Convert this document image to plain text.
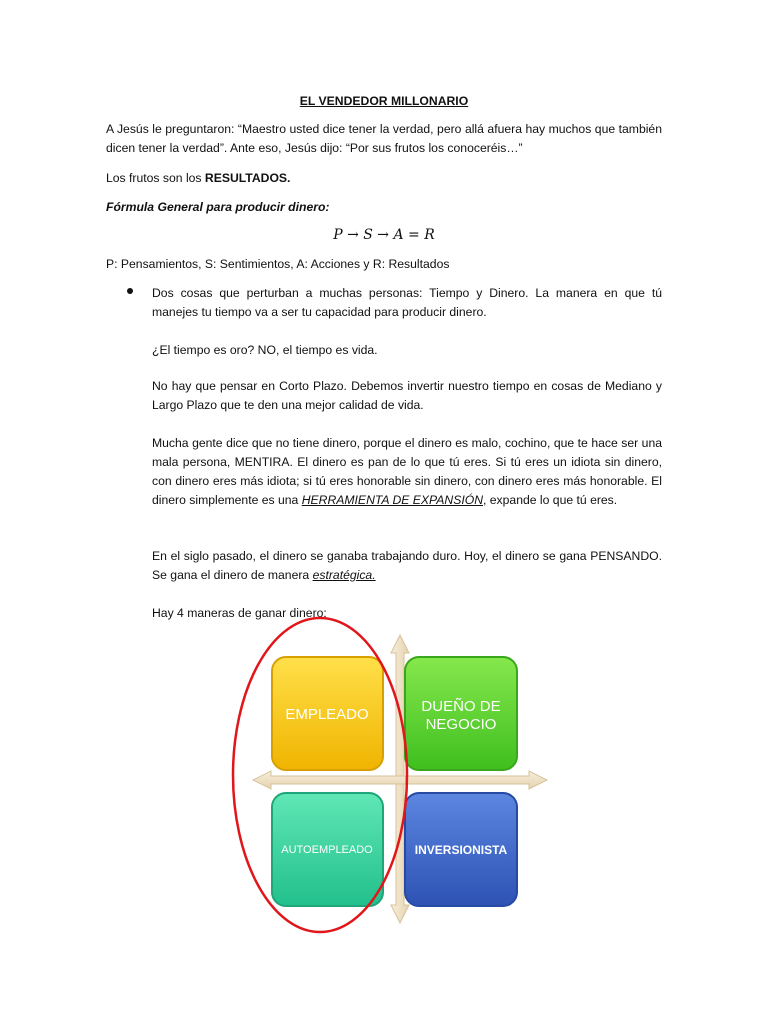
EL VENDEDOR MILLONARIO

A Jesús le preguntaron: “Maestro usted dice tener la verdad, pero allá afuera hay muchos que también dicen tener la verdad”. Ante eso, Jesús dijo: “Por sus frutos los conoceréis…”

Los frutos son los RESULTADOS.

Fórmula General para producir dinero:

P → S → A = R

P: Pensamientos, S: Sentimientos, A: Acciones y R: Resultados

Dos cosas que perturban a muchas personas: Tiempo y Dinero. La manera en que tú manejes tu tiempo va a ser tu capacidad para producir dinero.

¿El tiempo es oro? NO, el tiempo es vida.

No hay que pensar en Corto Plazo. Debemos invertir nuestro tiempo en cosas de Mediano y Largo Plazo que te den una mejor calidad de vida.

Mucha gente dice que no tiene dinero, porque el dinero es malo, cochino, que te hace ser una mala persona, MENTIRA. El dinero es pan de lo que tú eres. Si tú eres un idiota sin dinero, con dinero eres más idiota; si tú eres honorable sin dinero, con dinero eres más honorable. El dinero simplemente es una HERRAMIENTA DE EXPANSIÓN, expande lo que tú eres.

En el siglo pasado, el dinero se ganaba trabajando duro. Hoy, el dinero se gana PENSANDO. Se gana el dinero de manera estratégica.

Hay 4 maneras de ganar dinero:

EMPLEADO	DUEÑO DE
NEGOCIO
AUTOEMPLEADO	INVERSIONISTA
